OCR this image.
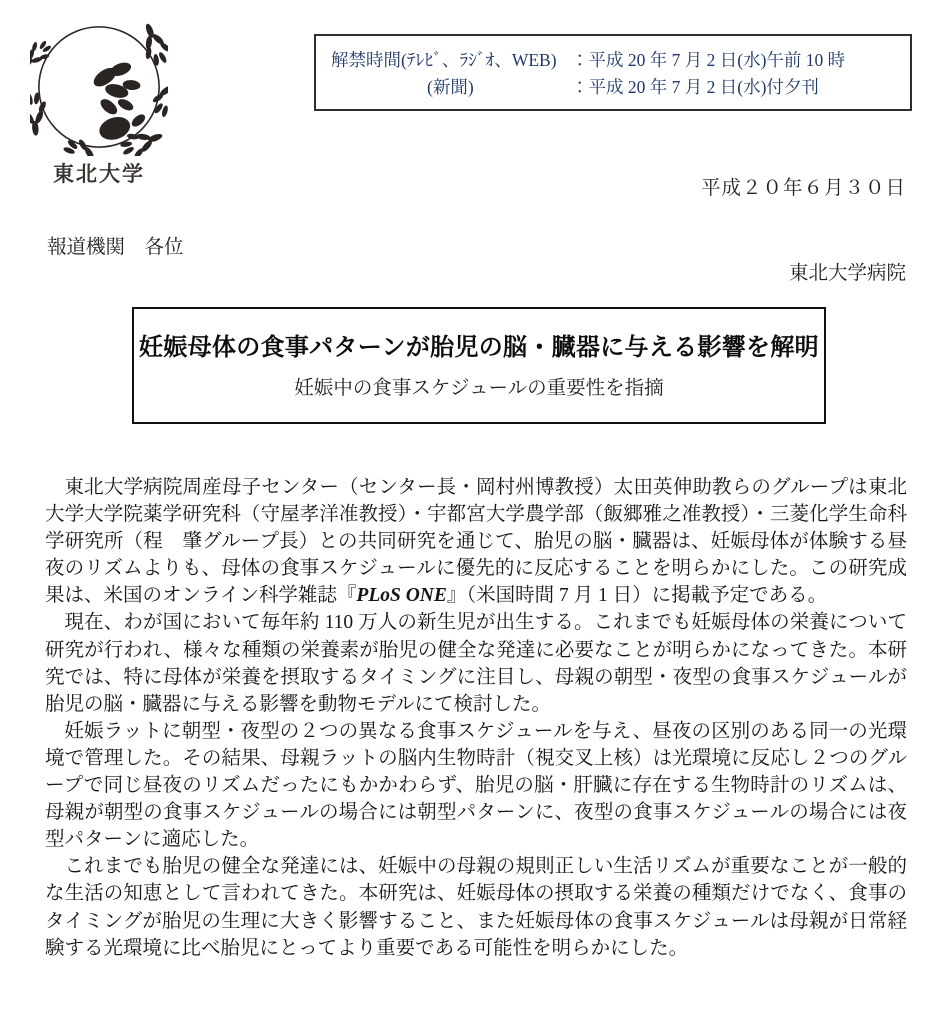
東北大学
解禁時間(ﾃﾚﾋﾞ、ﾗｼﾞｵ、WEB) ：平成 20 年 7 月 2 日(水)午前 10 時
(新聞)	：平成 20 年 7 月 2 日(水)付夕刊
平成２０年６月３０日
報道機関　各位
東北大学病院
妊娠母体の食事パターンが胎児の脳・臓器に与える影響を解明
妊娠中の食事スケジュールの重要性を指摘

東北大学病院周産母子センター（センター長・岡村州博教授）太田英伸助教らのグループは東北大学大学院薬学研究科（守屋孝洋准教授）・宇都宮大学農学部（飯郷雅之准教授）・三菱化学生命科学研究所（程　肇グループ長）との共同研究を通じて、胎児の脳・臓器は、妊娠母体が体験する昼夜のリズムよりも、母体の食事スケジュールに優先的に反応することを明らかにした。この研究成果は、米国のオンライン科学雑誌『PLoS ONE』（米国時間 7 月 1 日）に掲載予定である。

現在、わが国において毎年約 110 万人の新生児が出生する。これまでも妊娠母体の栄養について研究が行われ、様々な種類の栄養素が胎児の健全な発達に必要なことが明らかになってきた。本研究では、特に母体が栄養を摂取するタイミングに注目し、母親の朝型・夜型の食事スケジュールが胎児の脳・臓器に与える影響を動物モデルにて検討した。

妊娠ラットに朝型・夜型の２つの異なる食事スケジュールを与え、昼夜の区別のある同一の光環境で管理した。その結果、母親ラットの脳内生物時計（視交叉上核）は光環境に反応し２つのグループで同じ昼夜のリズムだったにもかかわらず、胎児の脳・肝臓に存在する生物時計のリズムは、母親が朝型の食事スケジュールの場合には朝型パターンに、夜型の食事スケジュールの場合には夜型パターンに適応した。

これまでも胎児の健全な発達には、妊娠中の母親の規則正しい生活リズムが重要なことが一般的な生活の知恵として言われてきた。本研究は、妊娠母体の摂取する栄養の種類だけでなく、食事のタイミングが胎児の生理に大きく影響すること、また妊娠母体の食事スケジュールは母親が日常経験する光環境に比べ胎児にとってより重要である可能性を明らかにした。
